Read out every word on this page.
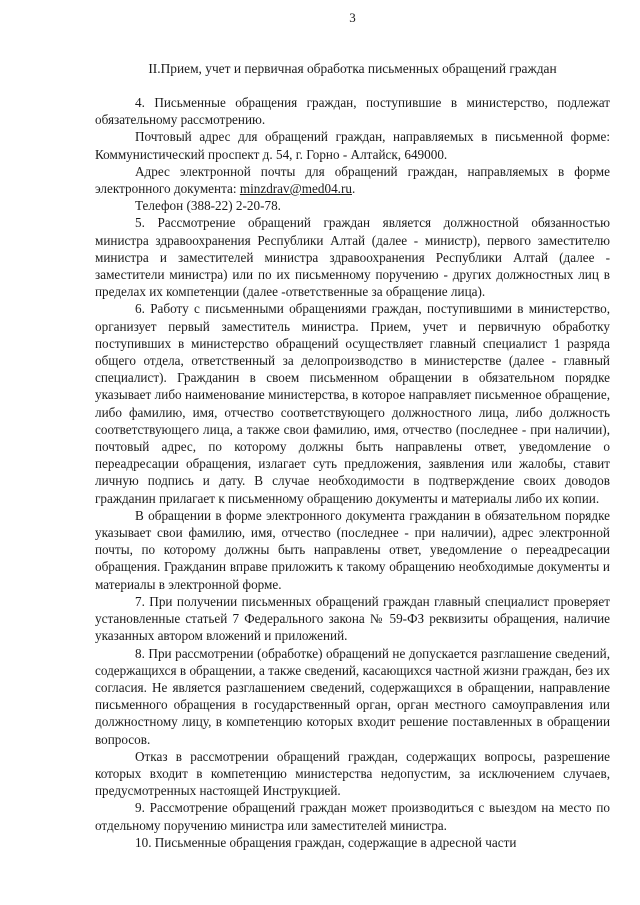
3
II.Прием, учет и первичная обработка письменных обращений граждан

4. Письменные обращения граждан, поступившие в министерство, подлежат обязательному рассмотрению.

Почтовый адрес для обращений граждан, направляемых в письменной форме: Коммунистический проспект д. 54, г. Горно - Алтайск, 649000.

Адрес электронной почты для обращений граждан, направляемых в форме электронного документа: minzdrav@med04.ru.

Телефон (388-22) 2-20-78.

5. Рассмотрение обращений граждан является должностной обязанностью министра здравоохранения Республики Алтай (далее - министр), первого заместителю министра и заместителей министра здравоохранения Республики Алтай (далее - заместители министра) или по их письменному поручению - других должностных лиц в пределах их компетенции (далее -ответственные за обращение лица).

6. Работу с письменными обращениями граждан, поступившими в министерство, организует первый заместитель министра. Прием, учет и первичную обработку поступивших в министерство обращений осуществляет главный специалист 1 разряда общего отдела, ответственный за делопроизводство в министерстве (далее - главный специалист). Гражданин в своем письменном обращении в обязательном порядке указывает либо наименование министерства, в которое направляет письменное обращение, либо фамилию, имя, отчество соответствующего должностного лица, либо должность соответствующего лица, а также свои фамилию, имя, отчество (последнее - при наличии), почтовый адрес, по которому должны быть направлены ответ, уведомление о переадресации обращения, излагает суть предложения, заявления или жалобы, ставит личную подпись и дату. В случае необходимости в подтверждение своих доводов гражданин прилагает к письменному обращению документы и материалы либо их копии.

В обращении в форме электронного документа гражданин в обязательном порядке указывает свои фамилию, имя, отчество (последнее - при наличии), адрес электронной почты, по которому должны быть направлены ответ, уведомление о переадресации обращения. Гражданин вправе приложить к такому обращению необходимые документы и материалы в электронной форме.

7. При получении письменных обращений граждан главный специалист проверяет установленные статьей 7 Федерального закона № 59-ФЗ реквизиты обращения, наличие указанных автором вложений и приложений.

8. При рассмотрении (обработке) обращений не допускается разглашение сведений, содержащихся в обращении, а также сведений, касающихся частной жизни граждан, без их согласия. Не является разглашением сведений, содержащихся в обращении, направление письменного обращения в государственный орган, орган местного самоуправления или должностному лицу, в компетенцию которых входит решение поставленных в обращении вопросов.

Отказ в рассмотрении обращений граждан, содержащих вопросы, разрешение которых входит в компетенцию министерства недопустим, за исключением случаев, предусмотренных настоящей Инструкцией.

9. Рассмотрение обращений граждан может производиться с выездом на место по отдельному поручению министра или заместителей министра.

10. Письменные обращения граждан, содержащие в адресной части
